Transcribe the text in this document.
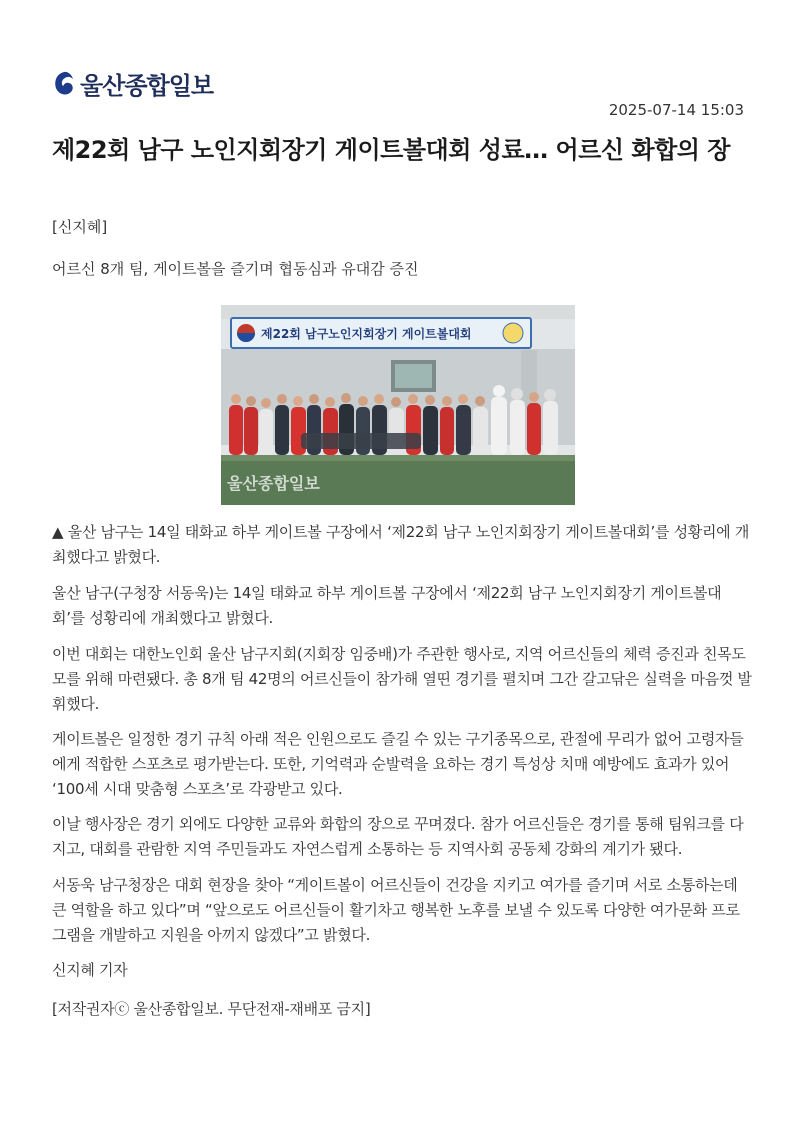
울산종합일보
2025-07-14 15:03
제22회 남구 노인지회장기 게이트볼대회 성료… 어르신 화합의 장
[신지혜]
어르신 8개 팀, 게이트볼을 즐기며 협동심과 유대감 증진
제22회 남구노인지회장기 게이트볼대회
울산종합일보

▲ 울산 남구는 14일 태화교 하부 게이트볼 구장에서 ‘제22회 남구 노인지회장기 게이트볼대회’를 성황리에 개최했다고 밝혔다.

울산 남구(구청장 서동욱)는 14일 태화교 하부 게이트볼 구장에서 ‘제22회 남구 노인지회장기 게이트볼대회’를 성황리에 개최했다고 밝혔다.

이번 대회는 대한노인회 울산 남구지회(지회장 임중배)가 주관한 행사로, 지역 어르신들의 체력 증진과 친목도모를 위해 마련됐다. 총 8개 팀 42명의 어르신들이 참가해 열띤 경기를 펼치며 그간 갈고닦은 실력을 마음껏 발휘했다.

게이트볼은 일정한 경기 규칙 아래 적은 인원으로도 즐길 수 있는 구기종목으로, 관절에 무리가 없어 고령자들에게 적합한 스포츠로 평가받는다. 또한, 기억력과 순발력을 요하는 경기 특성상 치매 예방에도 효과가 있어 ‘100세 시대 맞춤형 스포츠’로 각광받고 있다.

이날 행사장은 경기 외에도 다양한 교류와 화합의 장으로 꾸며졌다. 참가 어르신들은 경기를 통해 팀워크를 다지고, 대회를 관람한 지역 주민들과도 자연스럽게 소통하는 등 지역사회 공동체 강화의 계기가 됐다.

서동욱 남구청장은 대회 현장을 찾아 “게이트볼이 어르신들이 건강을 지키고 여가를 즐기며 서로 소통하는데 큰 역할을 하고 있다”며 “앞으로도 어르신들이 활기차고 행복한 노후를 보낼 수 있도록 다양한 여가문화 프로그램을 개발하고 지원을 아끼지 않겠다”고 밝혔다.

신지혜 기자

[저작권자ⓒ 울산종합일보. 무단전재-재배포 금지]
